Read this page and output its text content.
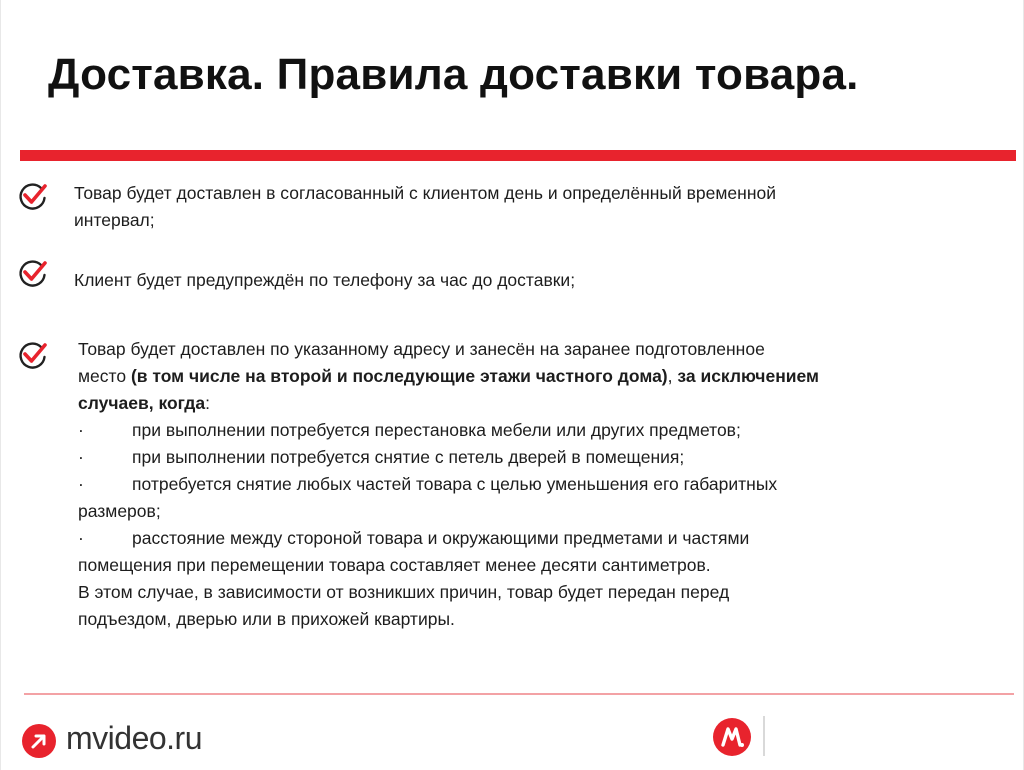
Доставка. Правила доставки товара.
Товар будет доставлен в согласованный с клиентом день и определённый временной
интервал;
Клиент будет предупреждён по телефону за час до доставки;
Товар будет доставлен по указанному адресу и занесён на заранее подготовленное
место (в том числе на второй и последующие этажи частного дома), за исключением
случаев, когда:
·	при выполнении потребуется перестановка мебели или других предметов;
·	при выполнении потребуется снятие с петель дверей в помещения;
·	потребуется снятие любых частей товара с целью уменьшения его габаритных
размеров;
·	расстояние между стороной товара и окружающими предметами и частями
помещения при перемещении товара составляет менее десяти сантиметров.
В этом случае, в зависимости от возникших причин, товар будет передан перед
подъездом, дверью или в прихожей квартиры.
mvideo.ru
